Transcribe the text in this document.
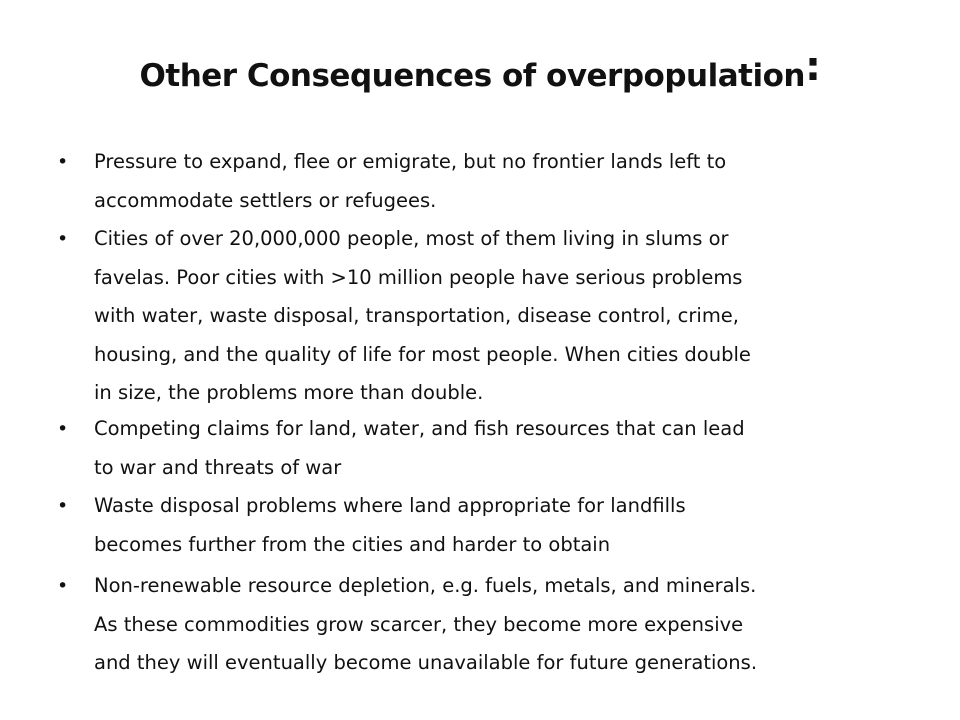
Other Consequences of overpopulation:
• Pressure to expand, flee or emigrate, but no frontier lands left to
accommodate settlers or refugees.
• Cities of over 20,000,000 people, most of them living in slums or
favelas. Poor cities with >10 million people have serious problems
with water, waste disposal, transportation, disease control, crime,
housing, and the quality of life for most people. When cities double
in size, the problems more than double.
• Competing claims for land, water, and fish resources that can lead
to war and threats of war
• Waste disposal problems where land appropriate for landfills
becomes further from the cities and harder to obtain
• Non-renewable resource depletion, e.g. fuels, metals, and minerals.
As these commodities grow scarcer, they become more expensive
and they will eventually become unavailable for future generations.
